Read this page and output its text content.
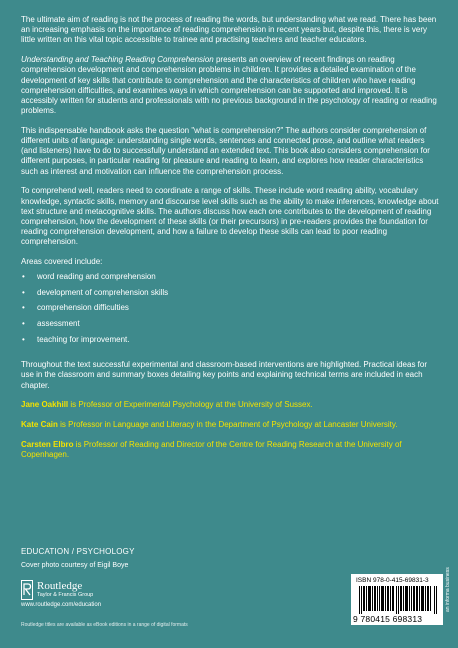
The ultimate aim of reading is not the process of reading the words, but understanding what we read. There has been an increasing emphasis on the importance of reading comprehension in recent years but, despite this, there is very little written on this vital topic accessible to trainee and practising teachers and teacher educators.

Understanding and Teaching Reading Comprehension presents an overview of recent findings on reading comprehension development and comprehension problems in children. It provides a detailed examination of the development of key skills that contribute to comprehension and the characteristics of children who have reading comprehension difficulties, and examines ways in which comprehension can be supported and improved. It is accessibly written for students and professionals with no previous background in the psychology of reading or reading problems.

This indispensable handbook asks the question "what is comprehension?" The authors consider comprehension of different units of language: understanding single words, sentences and connected prose, and outline what readers (and listeners) have to do to successfully understand an extended text. This book also considers comprehension for different purposes, in particular reading for pleasure and reading to learn, and explores how reader characteristics such as interest and motivation can influence the comprehension process.

To comprehend well, readers need to coordinate a range of skills. These include word reading ability, vocabulary knowledge, syntactic skills, memory and discourse level skills such as the ability to make inferences, knowledge about text structure and metacognitive skills. The authors discuss how each one contributes to the development of reading comprehension, how the development of these skills (or their precursors) in pre-readers provides the foundation for reading comprehension development, and how a failure to develop these skills can lead to poor reading comprehension.

Areas covered include:

• word reading and comprehension
• development of comprehension skills
• comprehension difficulties
• assessment
• teaching for improvement.

Throughout the text successful experimental and classroom-based interventions are highlighted. Practical ideas for use in the classroom and summary boxes detailing key points and explaining technical terms are included in each chapter.

Jane Oakhill is Professor of Experimental Psychology at the University of Sussex.

Kate Cain is Professor in Language and Literacy in the Department of Psychology at Lancaster University.

Carsten Elbro is Professor of Reading and Director of the Centre for Reading Research at the University of Copenhagen.

EDUCATION / PSYCHOLOGY
Cover photo courtesy of Eigil Boye
Routledge
Taylor & Francis Group
www.routledge.com/education
Routledge titles are available as eBook editions in a range of digital formats
ISBN 978-0-415-69831-3
9 780415 698313
an informa business
